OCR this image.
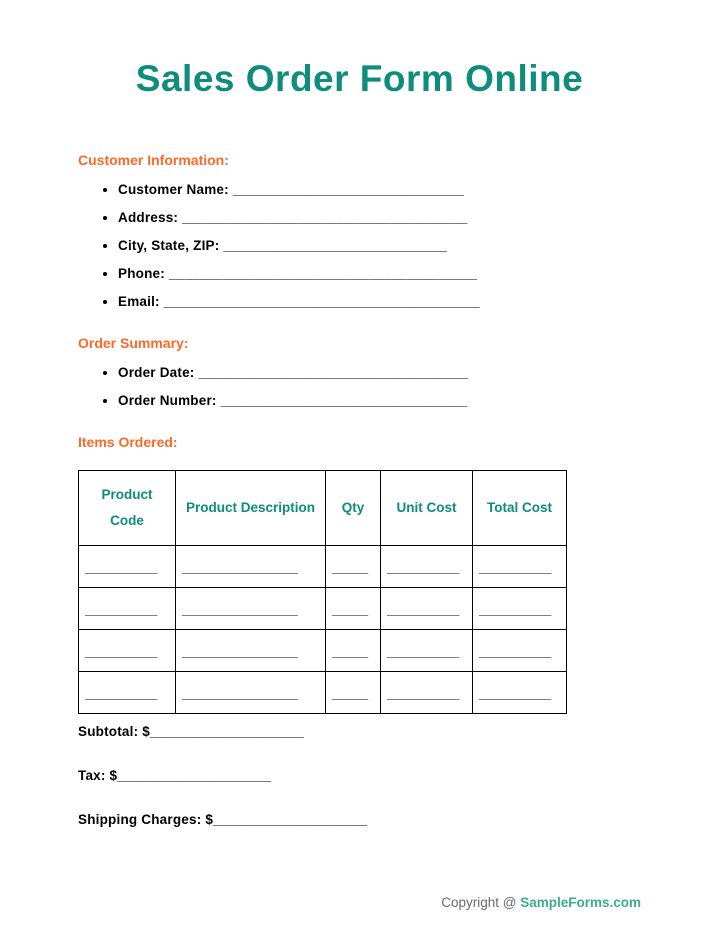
Sales Order Form Online
Customer Information:
• Customer Name: ______________________________
• Address: _____________________________________
• City, State, ZIP: _____________________________
• Phone: ________________________________________
• Email: _________________________________________
Order Summary:
• Order Date: ___________________________________
• Order Number: ________________________________
Items Ordered:
Product Code	Product Description	Qty	Unit Cost	Total Cost
__________	________________	_____	__________	__________
__________	________________	_____	__________	__________
__________	________________	_____	__________	__________
__________	________________	_____	__________	__________
Subtotal: $____________________
Tax: $____________________
Shipping Charges: $____________________
Copyright @ SampleForms.com
